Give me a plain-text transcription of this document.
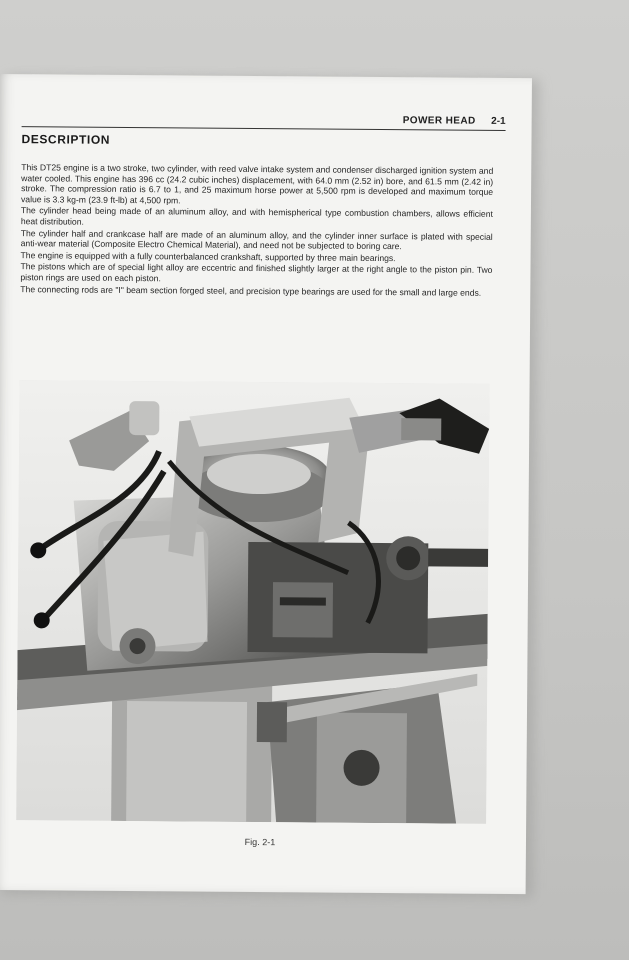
POWER HEAD 2-1
DESCRIPTION

This DT25 engine is a two stroke, two cylinder, with reed valve intake system and condenser discharged ignition system and water cooled. This engine has 396 cc (24.2 cubic inches) displacement, with 64.0 mm (2.52 in) bore, and 61.5 mm (2.42 in) stroke. The compression ratio is 6.7 to 1, and 25 maximum horse power at 5,500 rpm is developed and maximum torque value is 3.3 kg-m (23.9 ft-lb) at 4,500 rpm.

The cylinder head being made of an aluminum alloy, and with hemispherical type combustion chambers, allows efficient heat distribution.

The cylinder half and crankcase half are made of an aluminum alloy, and the cylinder inner surface is plated with special anti-wear material (Composite Electro Chemical Material), and need not be subjected to boring care.

The engine is equipped with a fully counterbalanced crankshaft, supported by three main bearings.

The pistons which are of special light alloy are eccentric and finished slightly larger at the right angle to the piston pin. Two piston rings are used on each piston.

The connecting rods are "I" beam section forged steel, and precision type bearings are used for the small and large ends.

Fig. 2-1
